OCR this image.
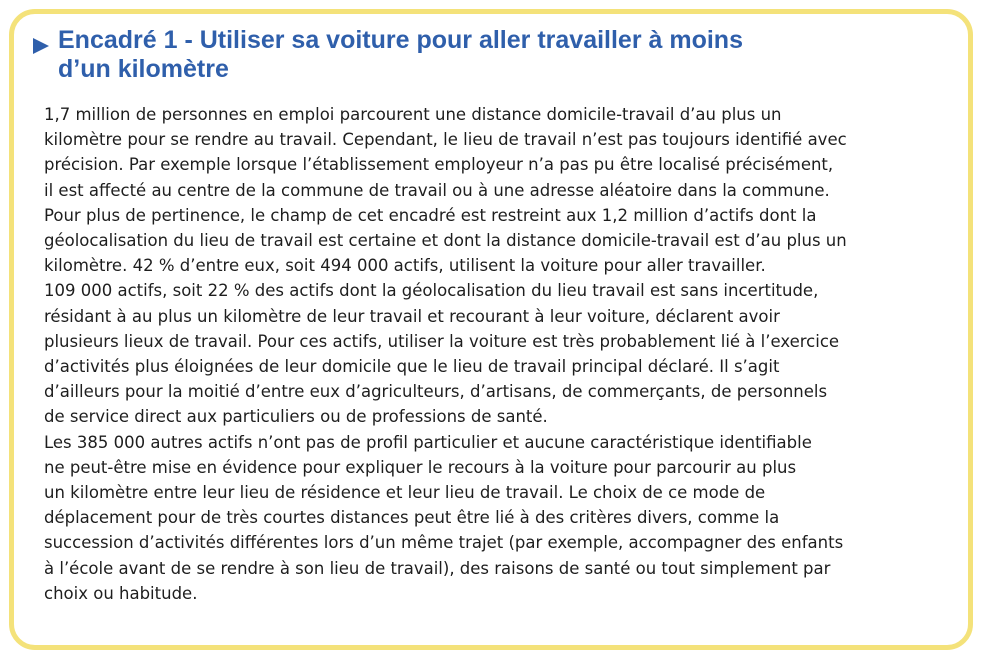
Encadré 1 - Utiliser sa voiture pour aller travailler à moins
d’un kilomètre
1,7 million de personnes en emploi parcourent une distance domicile-travail d’au plus un
kilomètre pour se rendre au travail. Cependant, le lieu de travail n’est pas toujours identifié avec
précision. Par exemple lorsque l’établissement employeur n’a pas pu être localisé précisément,
il est affecté au centre de la commune de travail ou à une adresse aléatoire dans la commune.
Pour plus de pertinence, le champ de cet encadré est restreint aux 1,2 million d’actifs dont la
géolocalisation du lieu de travail est certaine et dont la distance domicile-travail est d’au plus un
kilomètre. 42 % d’entre eux, soit 494 000 actifs, utilisent la voiture pour aller travailler.
109 000 actifs, soit 22 % des actifs dont la géolocalisation du lieu travail est sans incertitude,
résidant à au plus un kilomètre de leur travail et recourant à leur voiture, déclarent avoir
plusieurs lieux de travail. Pour ces actifs, utiliser la voiture est très probablement lié à l’exercice
d’activités plus éloignées de leur domicile que le lieu de travail principal déclaré. Il s’agit
d’ailleurs pour la moitié d’entre eux d’agriculteurs, d’artisans, de commerçants, de personnels
de service direct aux particuliers ou de professions de santé.
Les 385 000 autres actifs n’ont pas de profil particulier et aucune caractéristique identifiable
ne peut-être mise en évidence pour expliquer le recours à la voiture pour parcourir au plus
un kilomètre entre leur lieu de résidence et leur lieu de travail. Le choix de ce mode de
déplacement pour de très courtes distances peut être lié à des critères divers, comme la
succession d’activités différentes lors d’un même trajet (par exemple, accompagner des enfants
à l’école avant de se rendre à son lieu de travail), des raisons de santé ou tout simplement par
choix ou habitude.
